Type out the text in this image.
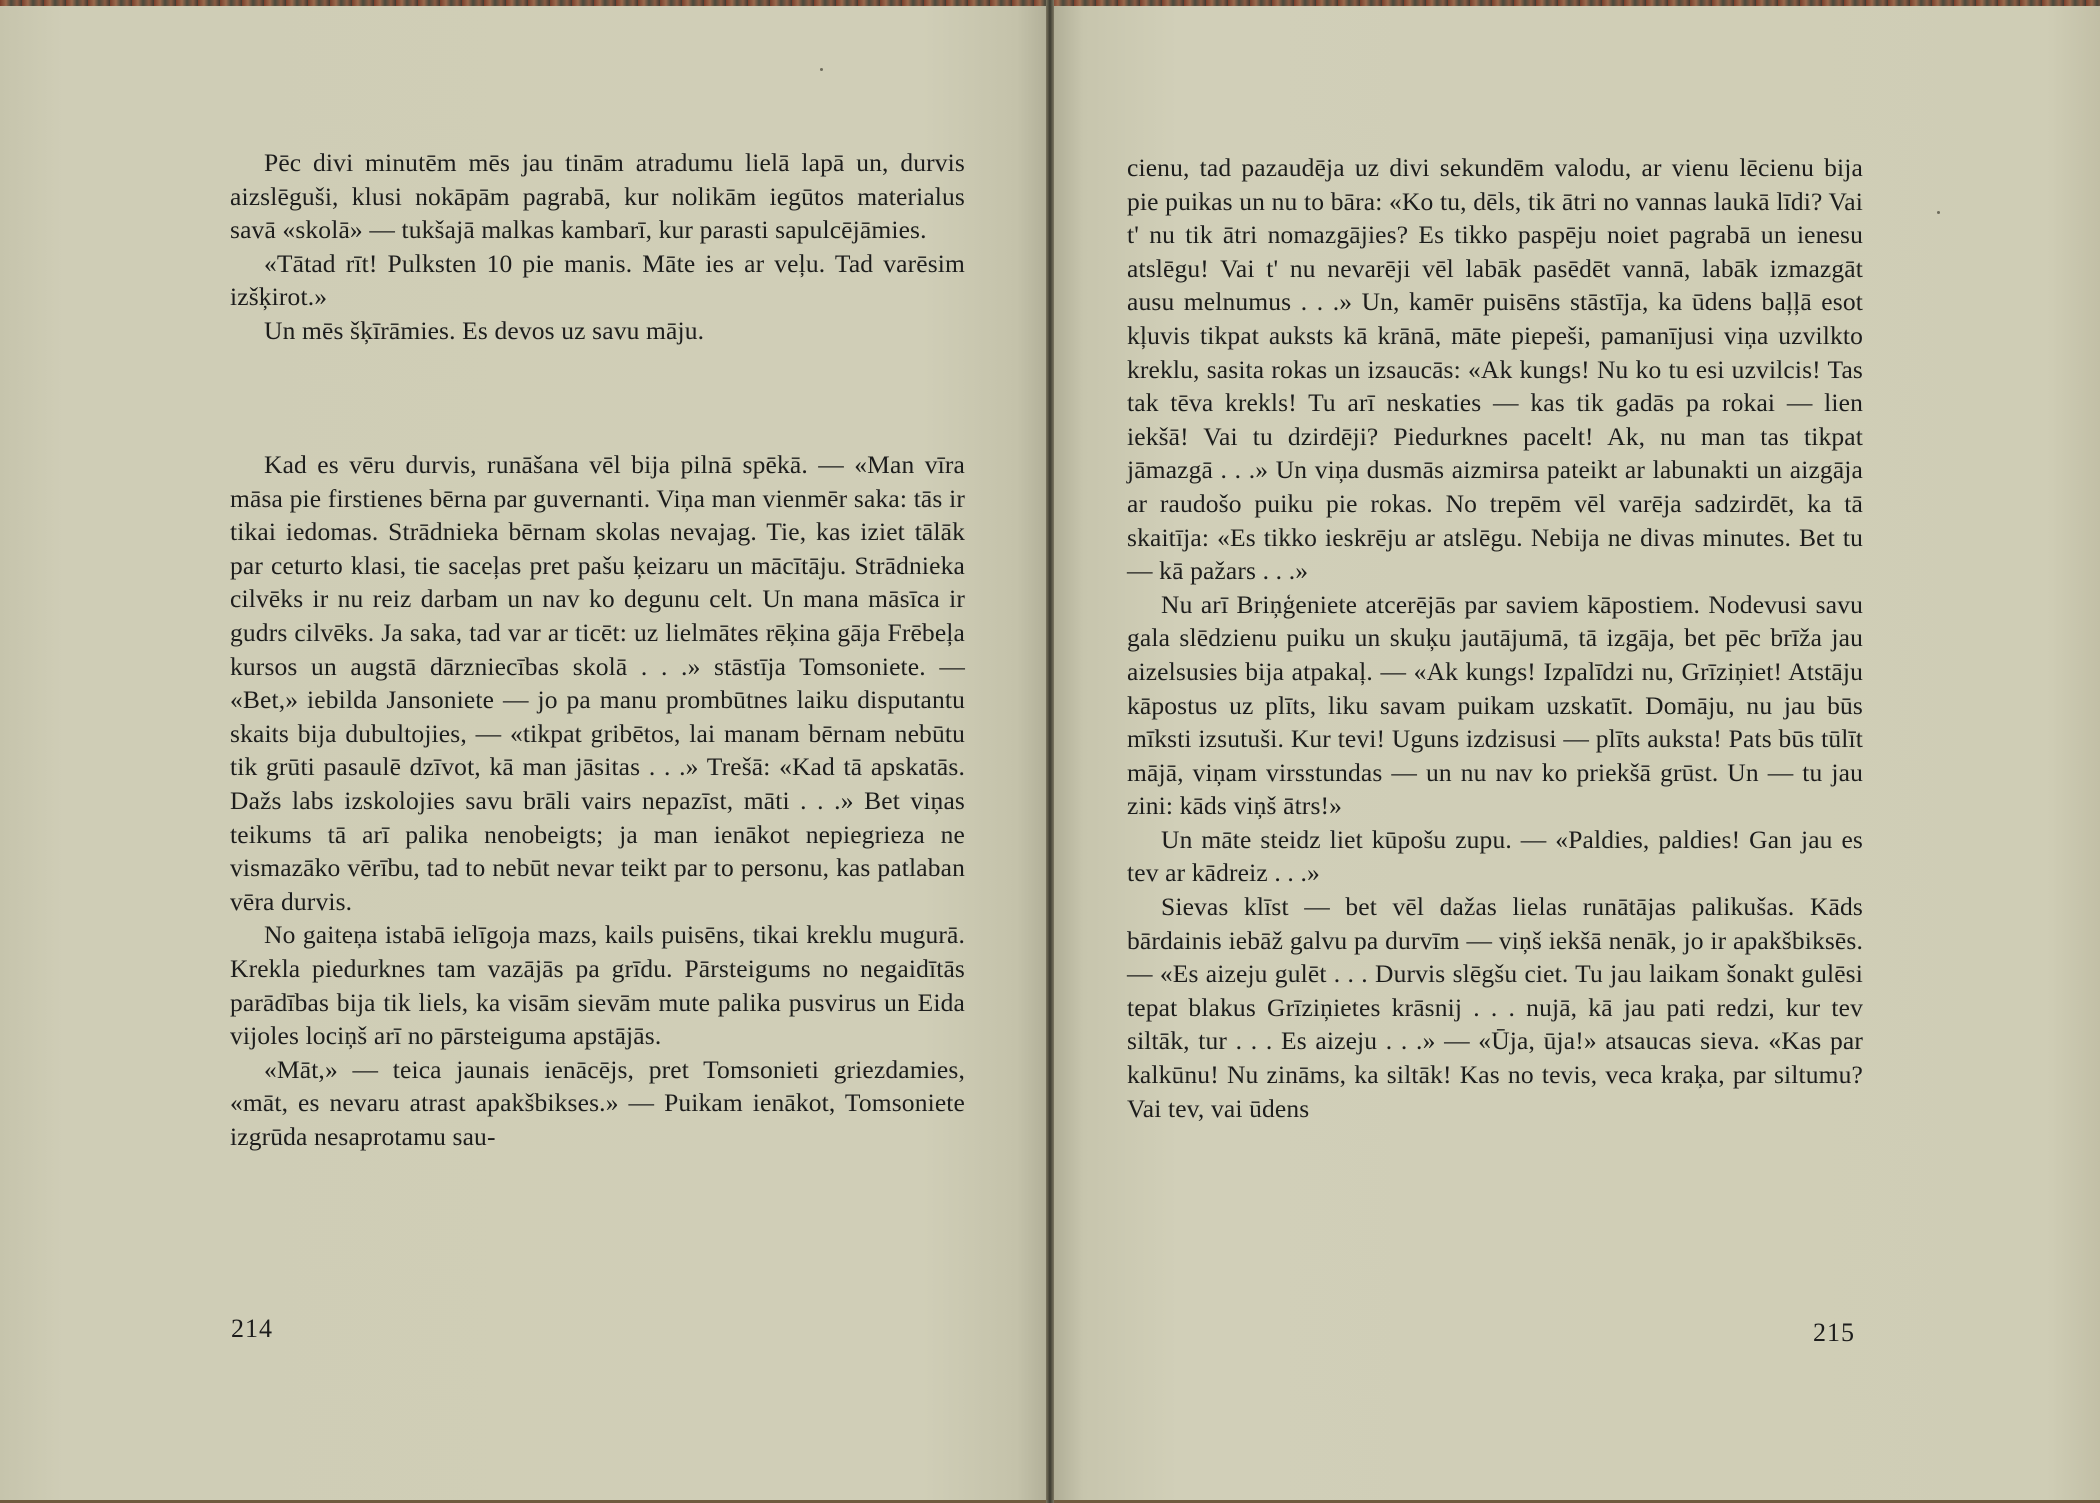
Pēc divi minutēm mēs jau tinām atradumu lielā lapā un, durvis aizslēguši, klusi nokāpām pagrabā, kur nolikām iegūtos materialus savā «skolā» — tukšajā malkas kambarī, kur parasti sapulcējāmies.

«Tātad rīt! Pulksten 10 pie manis. Māte ies ar veļu. Tad varēsim izšķirot.»

Un mēs šķīrāmies. Es devos uz savu māju.

Kad es vēru durvis, runāšana vēl bija pilnā spēkā. — «Man vīra māsa pie firstienes bērna par guvernanti. Viņa man vienmēr saka: tās ir tikai iedomas. Strādnieka bērnam skolas nevajag. Tie, kas iziet tālāk par ceturto klasi, tie saceļas pret pašu ķeizaru un mācītāju. Strādnieka cilvēks ir nu reiz darbam un nav ko degunu celt. Un mana māsīca ir gudrs cilvēks. Ja saka, tad var ar ticēt: uz lielmātes rēķina gāja Frēbeļa kursos un augstā dārzniecības skolā . . .» stāstīja Tomsoniete. — «Bet,» iebilda Jansoniete — jo pa manu prombūtnes laiku disputantu skaits bija dubultojies, — «tikpat gribētos, lai manam bērnam nebūtu tik grūti pasaulē dzīvot, kā man jāsitas . . .» Trešā: «Kad tā apskatās. Dažs labs izskolojies savu brāli vairs nepazīst, māti . . .» Bet viņas teikums tā arī palika nenobeigts; ja man ienākot nepiegrieza ne vismazāko vērību, tad to nebūt nevar teikt par to personu, kas patlaban vēra durvis.

No gaiteņa istabā ielīgoja mazs, kails puisēns, tikai kreklu mugurā. Krekla piedurknes tam vazājās pa grīdu. Pārsteigums no negaidītās parādības bija tik liels, ka visām sievām mute palika pusvirus un Eida vijoles lociņš arī no pārsteiguma apstājās.

«Māt,» — teica jaunais ienācējs, pret Tomsonieti griezdamies, «māt, es nevaru atrast apakšbikses.» — Puikam ienākot, Tomsoniete izgrūda nesaprotamu sau-

214

cienu, tad pazaudēja uz divi sekundēm valodu, ar vienu lēcienu bija pie puikas un nu to bāra: «Ko tu, dēls, tik ātri no vannas laukā līdi? Vai t' nu tik ātri nomazgājies? Es tikko paspēju noiet pagrabā un ienesu atslēgu! Vai t' nu nevarēji vēl labāk pasēdēt vannā, labāk izmazgāt ausu melnumus . . .» Un, kamēr puisēns stāstīja, ka ūdens baļļā esot kļuvis tikpat auksts kā krānā, māte piepeši, pamanījusi viņa uzvilkto kreklu, sasita rokas un izsaucās: «Ak kungs! Nu ko tu esi uzvilcis! Tas tak tēva krekls! Tu arī neskaties — kas tik gadās pa rokai — lien iekšā! Vai tu dzirdēji? Piedurknes pacelt! Ak, nu man tas tikpat jāmazgā . . .» Un viņa dusmās aizmirsa pateikt ar labunakti un aizgāja ar raudošo puiku pie rokas. No trepēm vēl varēja sadzirdēt, ka tā skaitīja: «Es tikko ieskrēju ar atslēgu. Nebija ne divas minutes. Bet tu — kā pažars . . .»

Nu arī Briņģeniete atcerējās par saviem kāpostiem. Nodevusi savu gala slēdzienu puiku un skuķu jautājumā, tā izgāja, bet pēc brīža jau aizelsusies bija atpakaļ. — «Ak kungs! Izpalīdzi nu, Grīziņiet! Atstāju kāpostus uz plīts, liku savam puikam uzskatīt. Domāju, nu jau būs mīksti izsutuši. Kur tevi! Uguns izdzisusi — plīts auksta! Pats būs tūlīt mājā, viņam virsstundas — un nu nav ko priekšā grūst. Un — tu jau zini: kāds viņš ātrs!»

Un māte steidz liet kūpošu zupu. — «Paldies, paldies! Gan jau es tev ar kādreiz . . .»

Sievas klīst — bet vēl dažas lielas runātājas palikušas. Kāds bārdainis iebāž galvu pa durvīm — viņš iekšā nenāk, jo ir apakšbiksēs. — «Es aizeju gulēt . . . Durvis slēgšu ciet. Tu jau laikam šonakt gulēsi tepat blakus Grīziņietes krāsnij . . . nujā, kā jau pati redzi, kur tev siltāk, tur . . . Es aizeju . . .» — «Ūja, ūja!» atsaucas sieva. «Kas par kalkūnu! Nu zināms, ka siltāk! Kas no tevis, veca kraķa, par siltumu? Vai tev, vai ūdens

215
